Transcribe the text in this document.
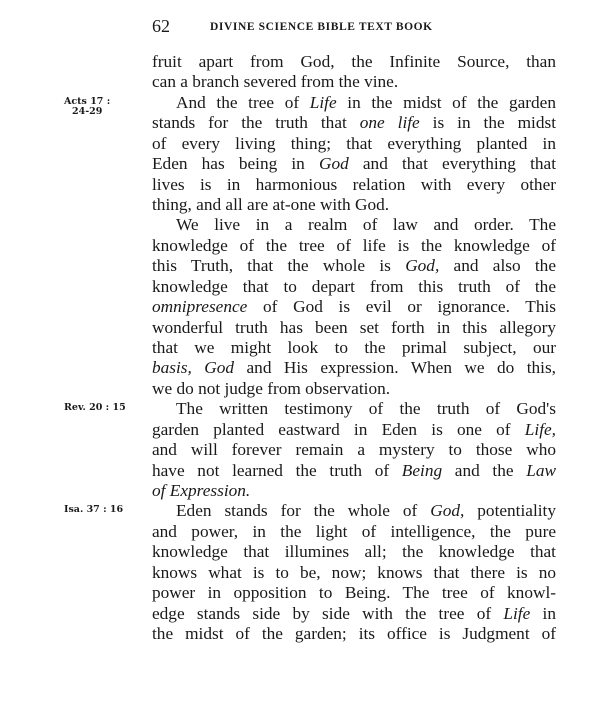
62	DIVINE SCIENCE BIBLE TEXT BOOK
fruit apart from God, the Infinite Source, than
can a branch severed from the vine.
And the tree of Life in the midst of the garden
stands for the truth that one life is in the midst
of every living thing; that everything planted in
Eden has being in God and that everything that
lives is in harmonious relation with every other
thing, and all are at-one with God.
We live in a realm of law and order. The
knowledge of the tree of life is the knowledge of
this Truth, that the whole is God, and also the
knowledge that to depart from this truth of the
omnipresence of God is evil or ignorance. This
wonderful truth has been set forth in this allegory
that we might look to the primal subject, our
basis, God and His expression. When we do this,
we do not judge from observation.
The written testimony of the truth of God's
garden planted eastward in Eden is one of Life,
and will forever remain a mystery to those who
have not learned the truth of Being and the Law
of Expression.
Eden stands for the whole of God, potentiality
and power, in the light of intelligence, the pure
knowledge that illumines all; the knowledge that
knows what is to be, now; knows that there is no
power in opposition to Being. The tree of knowl-
edge stands side by side with the tree of Life in
the midst of the garden; its office is Judgment of
Acts 17 :
24-29
Rev. 20 : 15
Isa. 37 : 16
